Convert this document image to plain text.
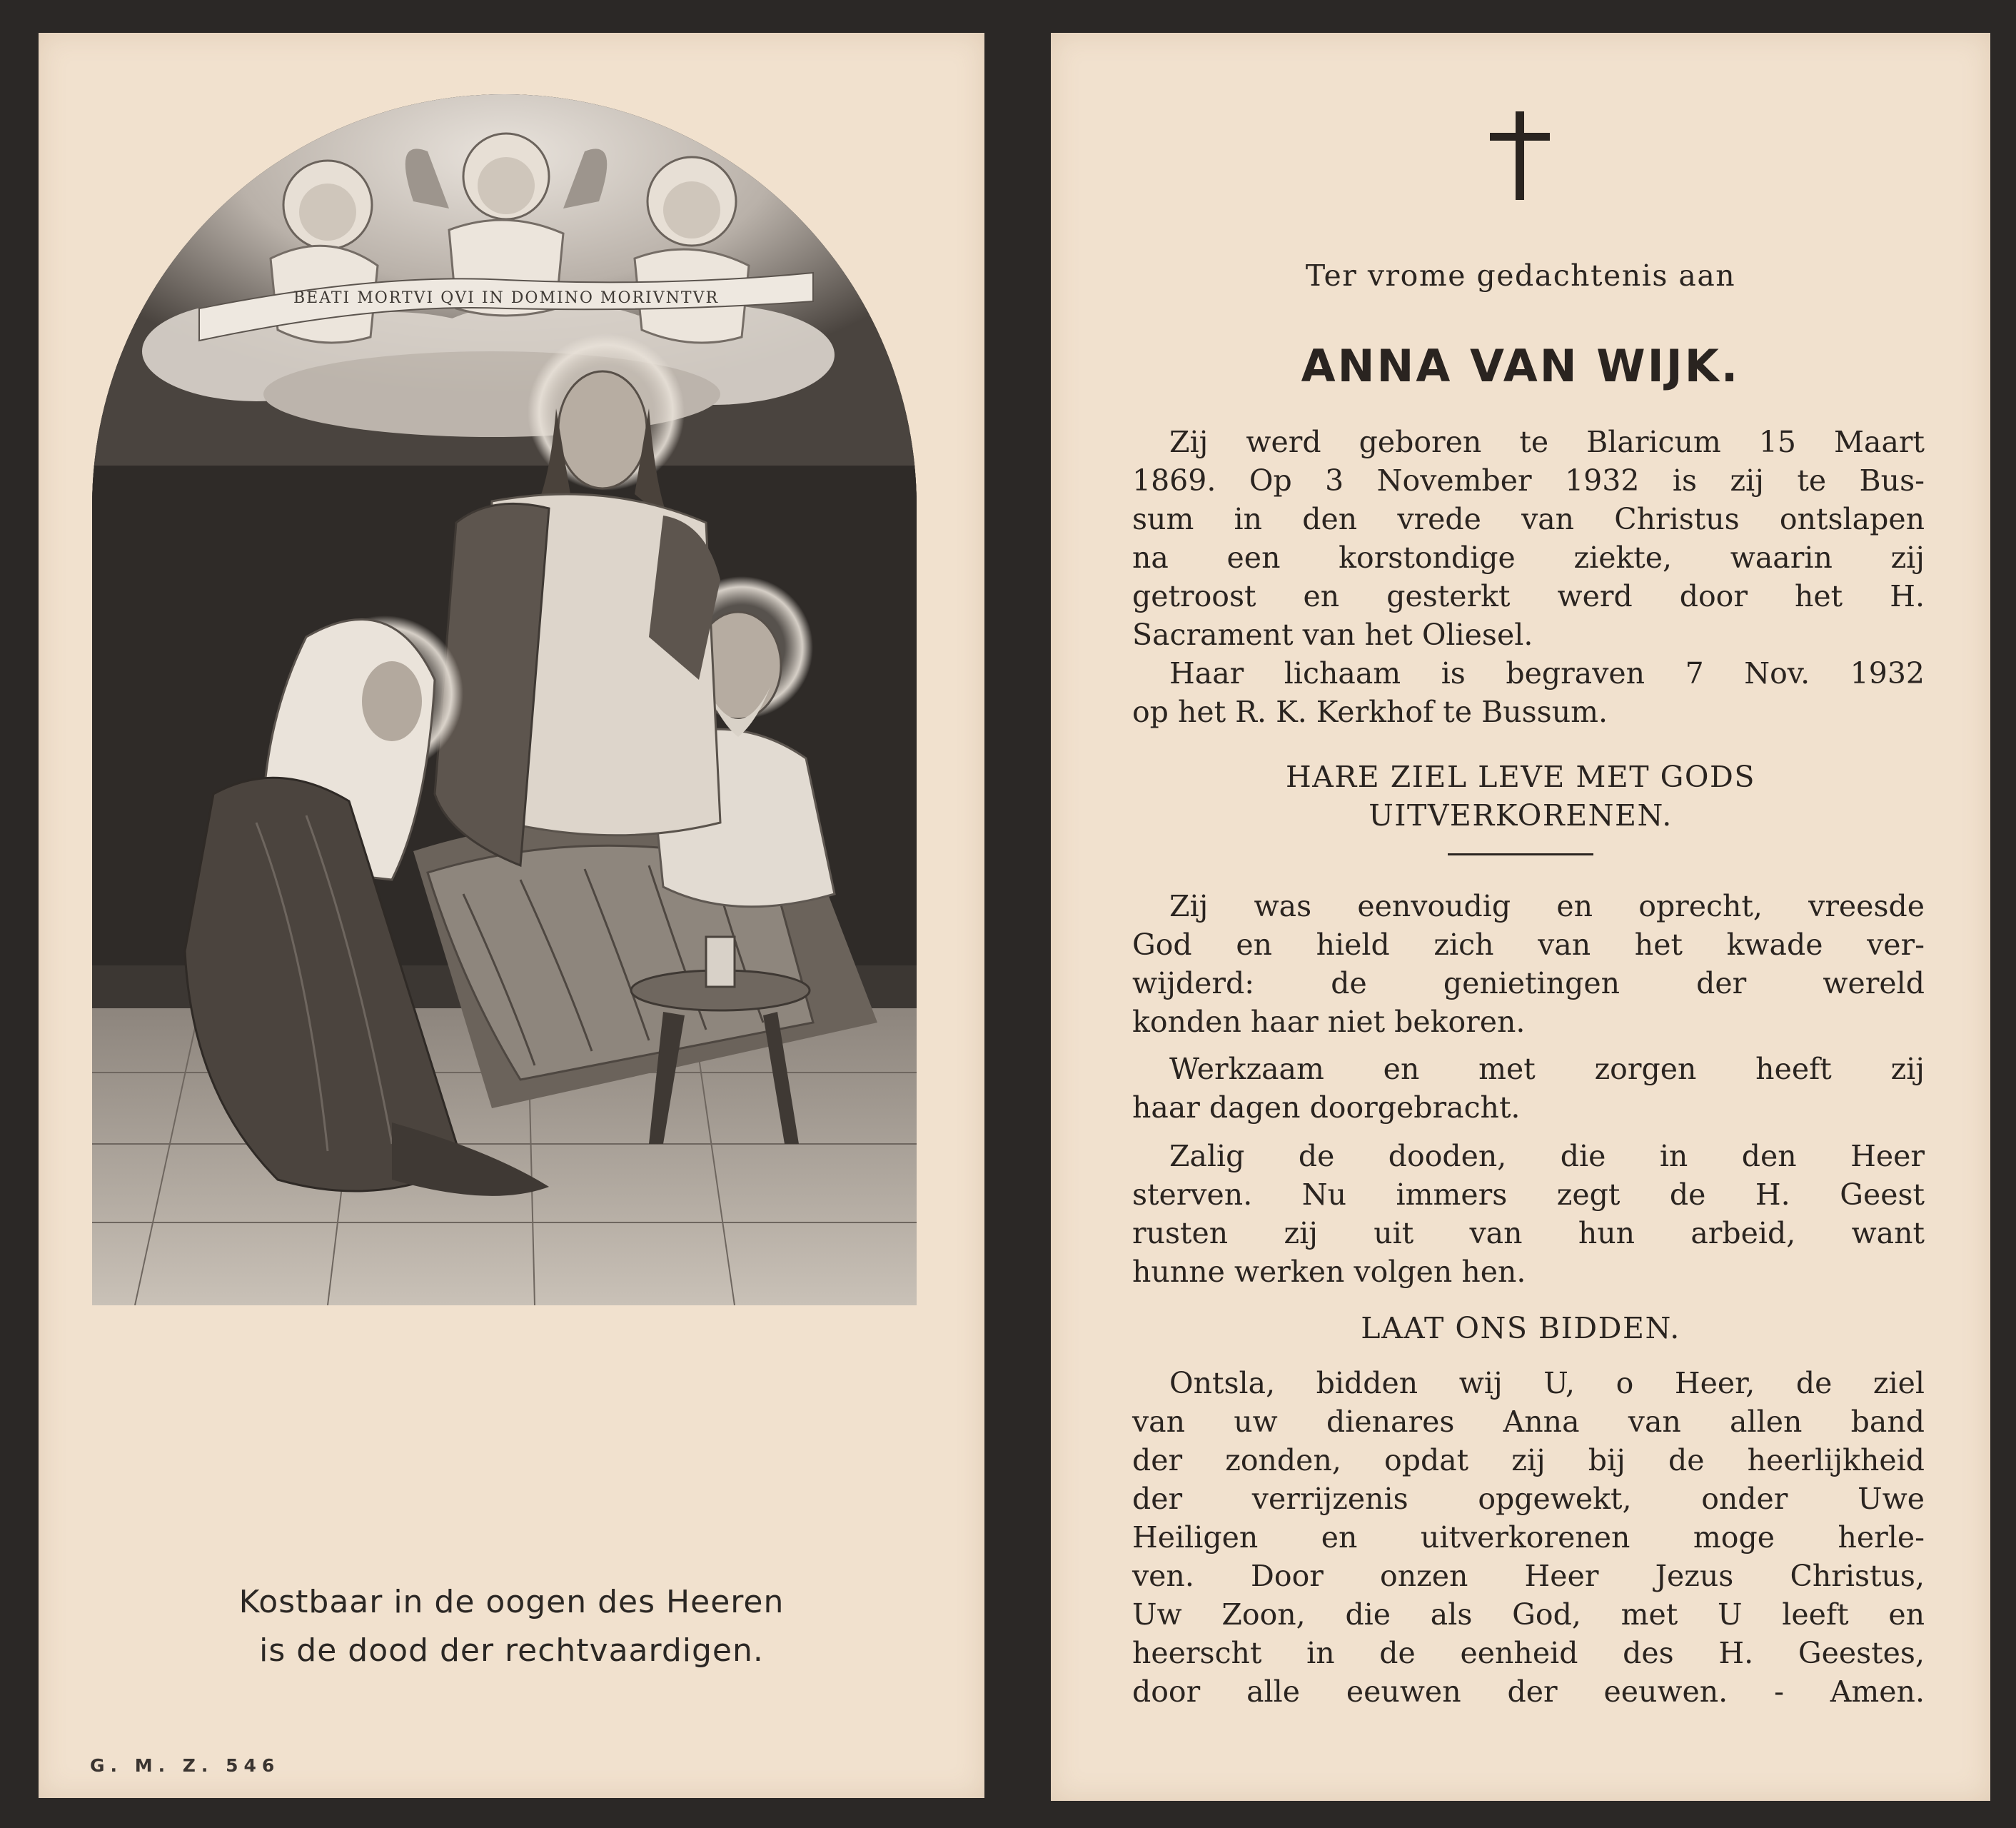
BEATI MORTVI QVI IN DOMINO MORIVNTVR

Kostbaar in de oogen des Heeren

is de dood der rechtvaardigen.

G. M. Z. 546

Ter vrome gedachtenis aan

ANNA VAN WIJK.

Zij werd geboren te Blaricum 15 Maart
1869. Op 3 November 1932 is zij te Bus-
sum in den vrede van Christus ontslapen
na een korstondige ziekte, waarin zij
getroost en gesterkt werd door het H.
Sacrament van het Oliesel.
Haar lichaam is begraven 7 Nov. 1932
op het R. K. Kerkhof te Bussum.

HARE ZIEL LEVE MET GODS

UITVERKORENEN.

Zij was eenvoudig en oprecht, vreesde
God en hield zich van het kwade ver-
wijderd: de genietingen der wereld
konden haar niet bekoren.
Werkzaam en met zorgen heeft zij
haar dagen doorgebracht.
Zalig de dooden, die in den Heer
sterven. Nu immers zegt de H. Geest
rusten zij uit van hun arbeid, want
hunne werken volgen hen.

LAAT ONS BIDDEN.

Ontsla, bidden wij U, o Heer, de ziel
van uw dienares Anna van allen band
der zonden, opdat zij bij de heerlijkheid
der verrijzenis opgewekt, onder Uwe
Heiligen en uitverkorenen moge herle-
ven. Door onzen Heer Jezus Christus,
Uw Zoon, die als God, met U leeft en
heerscht in de eenheid des H. Geestes,
door alle eeuwen der eeuwen. - Amen.
